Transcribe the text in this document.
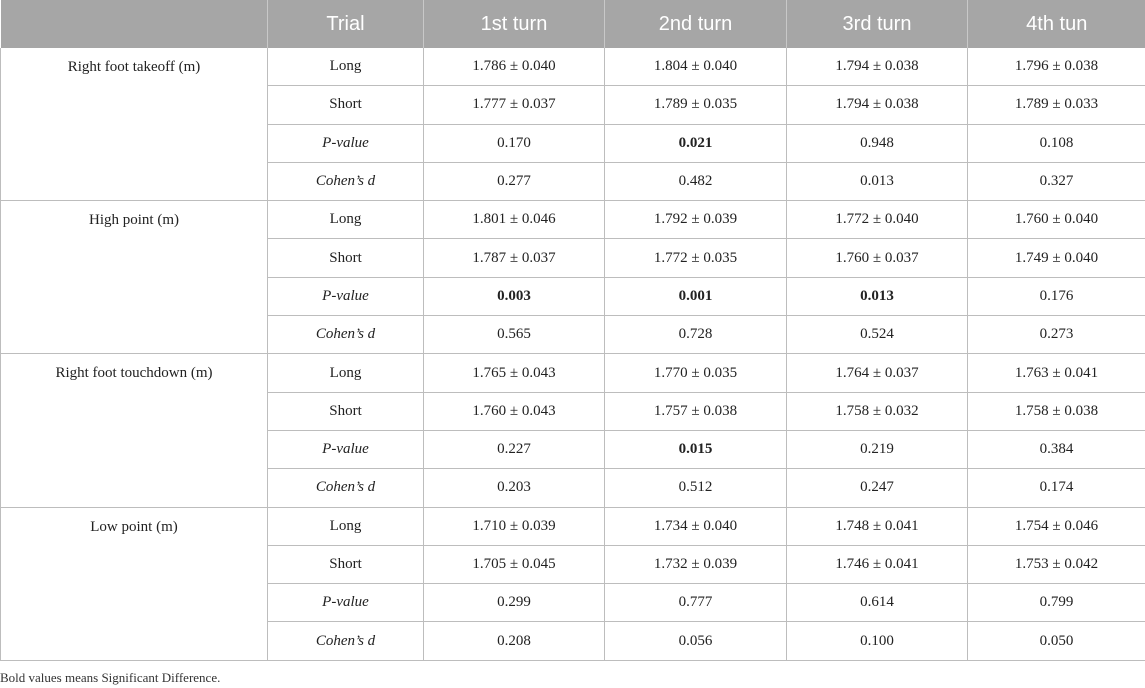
	Trial	1st turn	2nd turn	3rd turn	4th tun
Right foot takeoff (m)	Long	1.786 ± 0.040	1.804 ± 0.040	1.794 ± 0.038	1.796 ± 0.038
	Short	1.777 ± 0.037	1.789 ± 0.035	1.794 ± 0.038	1.789 ± 0.033
	P-value	0.170	0.021	0.948	0.108
	Cohen’s d	0.277	0.482	0.013	0.327
High point (m)	Long	1.801 ± 0.046	1.792 ± 0.039	1.772 ± 0.040	1.760 ± 0.040
	Short	1.787 ± 0.037	1.772 ± 0.035	1.760 ± 0.037	1.749 ± 0.040
	P-value	0.003	0.001	0.013	0.176
	Cohen’s d	0.565	0.728	0.524	0.273
Right foot touchdown (m)	Long	1.765 ± 0.043	1.770 ± 0.035	1.764 ± 0.037	1.763 ± 0.041
	Short	1.760 ± 0.043	1.757 ± 0.038	1.758 ± 0.032	1.758 ± 0.038
	P-value	0.227	0.015	0.219	0.384
	Cohen’s d	0.203	0.512	0.247	0.174
Low point (m)	Long	1.710 ± 0.039	1.734 ± 0.040	1.748 ± 0.041	1.754 ± 0.046
	Short	1.705 ± 0.045	1.732 ± 0.039	1.746 ± 0.041	1.753 ± 0.042
	P-value	0.299	0.777	0.614	0.799
	Cohen’s d	0.208	0.056	0.100	0.050
Bold values means Significant Difference.
